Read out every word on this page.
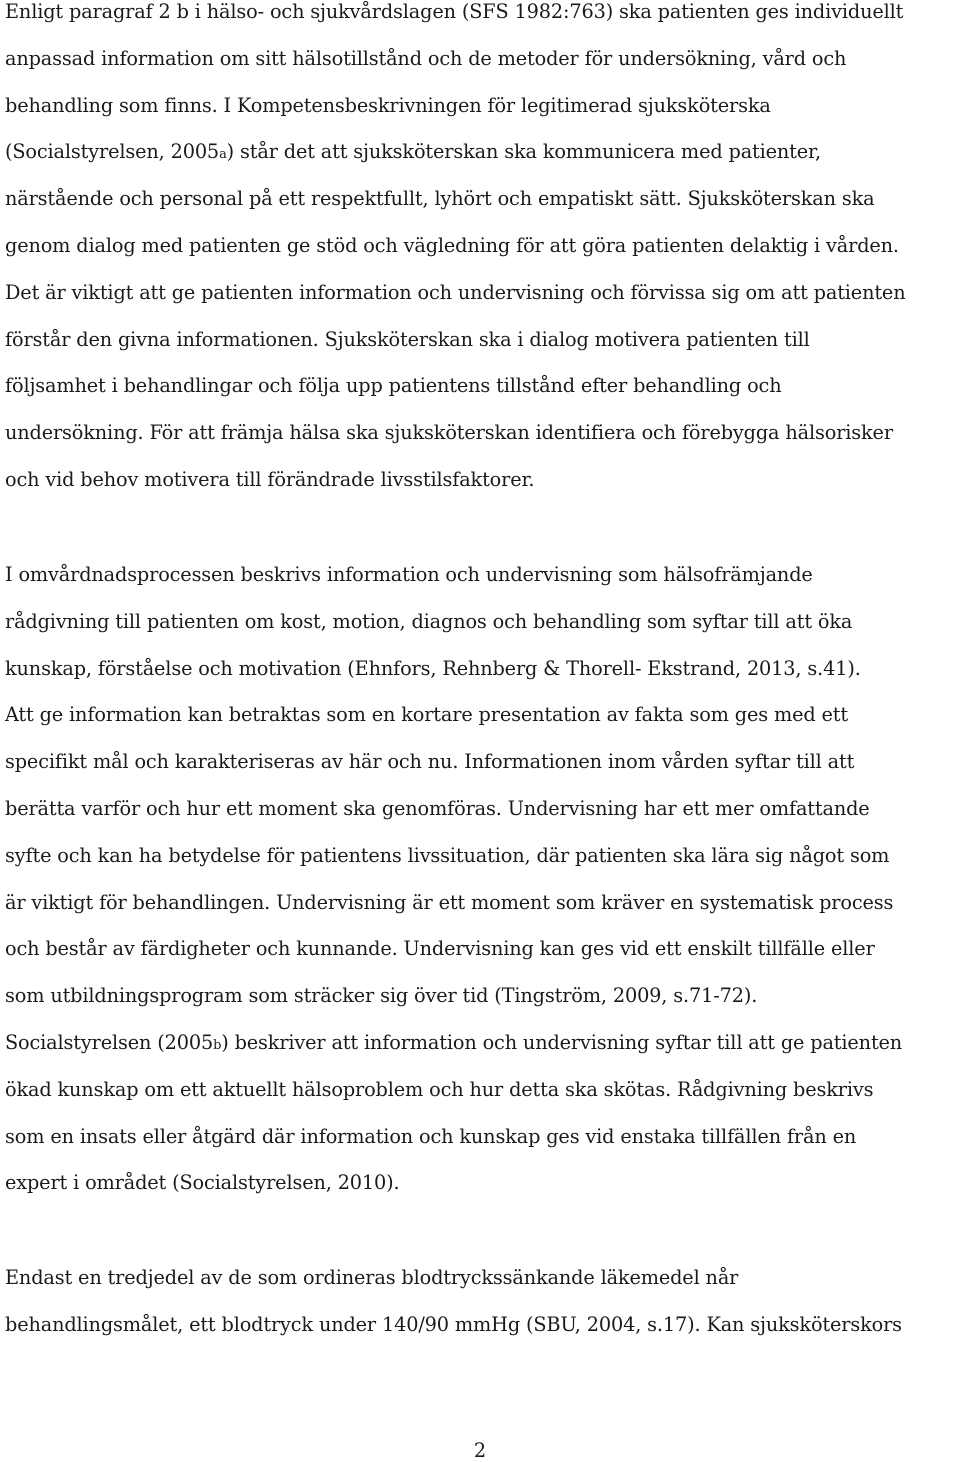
Enligt paragraf 2 b i hälso- och sjukvårdslagen (SFS 1982:763) ska patienten ges individuellt
anpassad information om sitt hälsotillstånd och de metoder för undersökning, vård och
behandling som finns. I Kompetensbeskrivningen för legitimerad sjuksköterska
(Socialstyrelsen, 2005a) står det att sjuksköterskan ska kommunicera med patienter,
närstående och personal på ett respektfullt, lyhört och empatiskt sätt. Sjuksköterskan ska
genom dialog med patienten ge stöd och vägledning för att göra patienten delaktig i vården.
Det är viktigt att ge patienten information och undervisning och förvissa sig om att patienten
förstår den givna informationen. Sjuksköterskan ska i dialog motivera patienten till
följsamhet i behandlingar och följa upp patientens tillstånd efter behandling och
undersökning. För att främja hälsa ska sjuksköterskan identifiera och förebygga hälsorisker
och vid behov motivera till förändrade livsstilsfaktorer.

I omvårdnadsprocessen beskrivs information och undervisning som hälsofrämjande
rådgivning till patienten om kost, motion, diagnos och behandling som syftar till att öka
kunskap, förståelse och motivation (Ehnfors, Rehnberg & Thorell- Ekstrand, 2013, s.41).
Att ge information kan betraktas som en kortare presentation av fakta som ges med ett
specifikt mål och karakteriseras av här och nu. Informationen inom vården syftar till att
berätta varför och hur ett moment ska genomföras. Undervisning har ett mer omfattande
syfte och kan ha betydelse för patientens livssituation, där patienten ska lära sig något som
är viktigt för behandlingen. Undervisning är ett moment som kräver en systematisk process
och består av färdigheter och kunnande. Undervisning kan ges vid ett enskilt tillfälle eller
som utbildningsprogram som sträcker sig över tid (Tingström, 2009, s.71-72).
Socialstyrelsen (2005b) beskriver att information och undervisning syftar till att ge patienten
ökad kunskap om ett aktuellt hälsoproblem och hur detta ska skötas. Rådgivning beskrivs
som en insats eller åtgärd där information och kunskap ges vid enstaka tillfällen från en
expert i området (Socialstyrelsen, 2010).

Endast en tredjedel av de som ordineras blodtryckssänkande läkemedel når
behandlingsmålet, ett blodtryck under 140/90 mmHg (SBU, 2004, s.17). Kan sjuksköterskors

2
